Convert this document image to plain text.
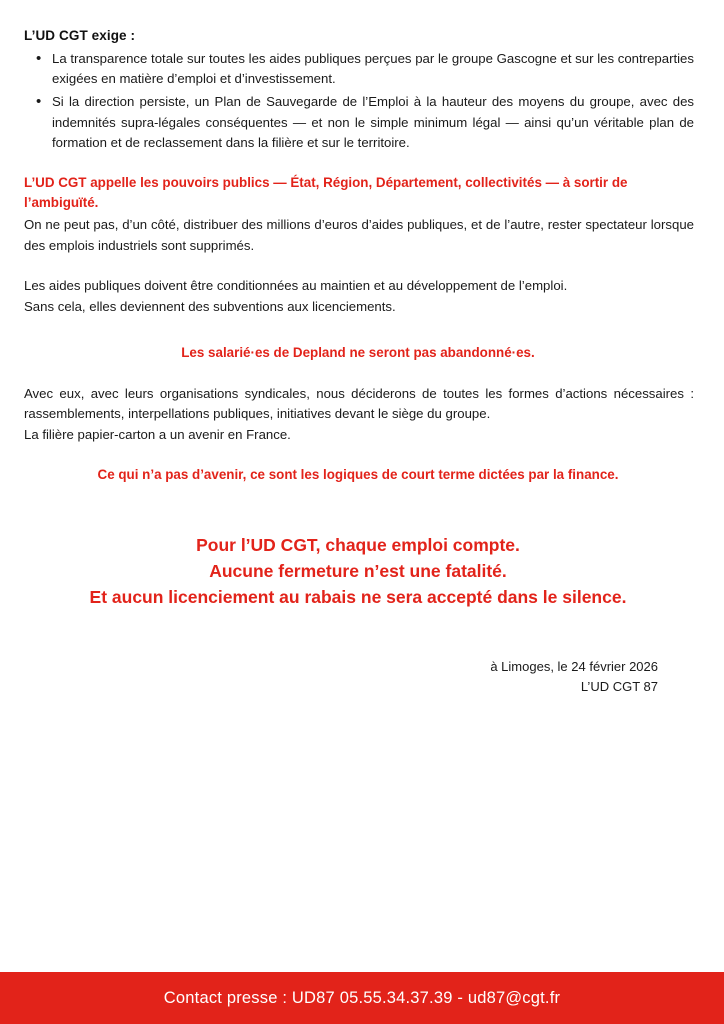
L’UD CGT exige :
• La transparence totale sur toutes les aides publiques perçues par le groupe Gascogne et sur les contreparties exigées en matière d’emploi et d’investissement.
• Si la direction persiste, un Plan de Sauvegarde de l’Emploi à la hauteur des moyens du groupe, avec des indemnités supra-légales conséquentes — et non le simple minimum légal — ainsi qu’un véritable plan de formation et de reclassement dans la filière et sur le territoire.
L’UD CGT appelle les pouvoirs publics — État, Région, Département, collectivités — à sortir de l’ambiguïté.

On ne peut pas, d’un côté, distribuer des millions d’euros d’aides publiques, et de l’autre, rester spectateur lorsque des emplois industriels sont supprimés.

Les aides publiques doivent être conditionnées au maintien et au développement de l’emploi.

Sans cela, elles deviennent des subventions aux licenciements.

Les salarié·es de Depland ne seront pas abandonné·es.

Avec eux, avec leurs organisations syndicales, nous déciderons de toutes les formes d’actions nécessaires : rassemblements, interpellations publiques, initiatives devant le siège du groupe.

La filière papier-carton a un avenir en France.

Ce qui n’a pas d’avenir, ce sont les logiques de court terme dictées par la finance.

Pour l’UD CGT, chaque emploi compte.

Aucune fermeture n’est une fatalité.

Et aucun licenciement au rabais ne sera accepté dans le silence.

à Limoges, le 24 février 2026

L’UD CGT 87

Contact presse : UD87 05.55.34.37.39 - ud87@cgt.fr
